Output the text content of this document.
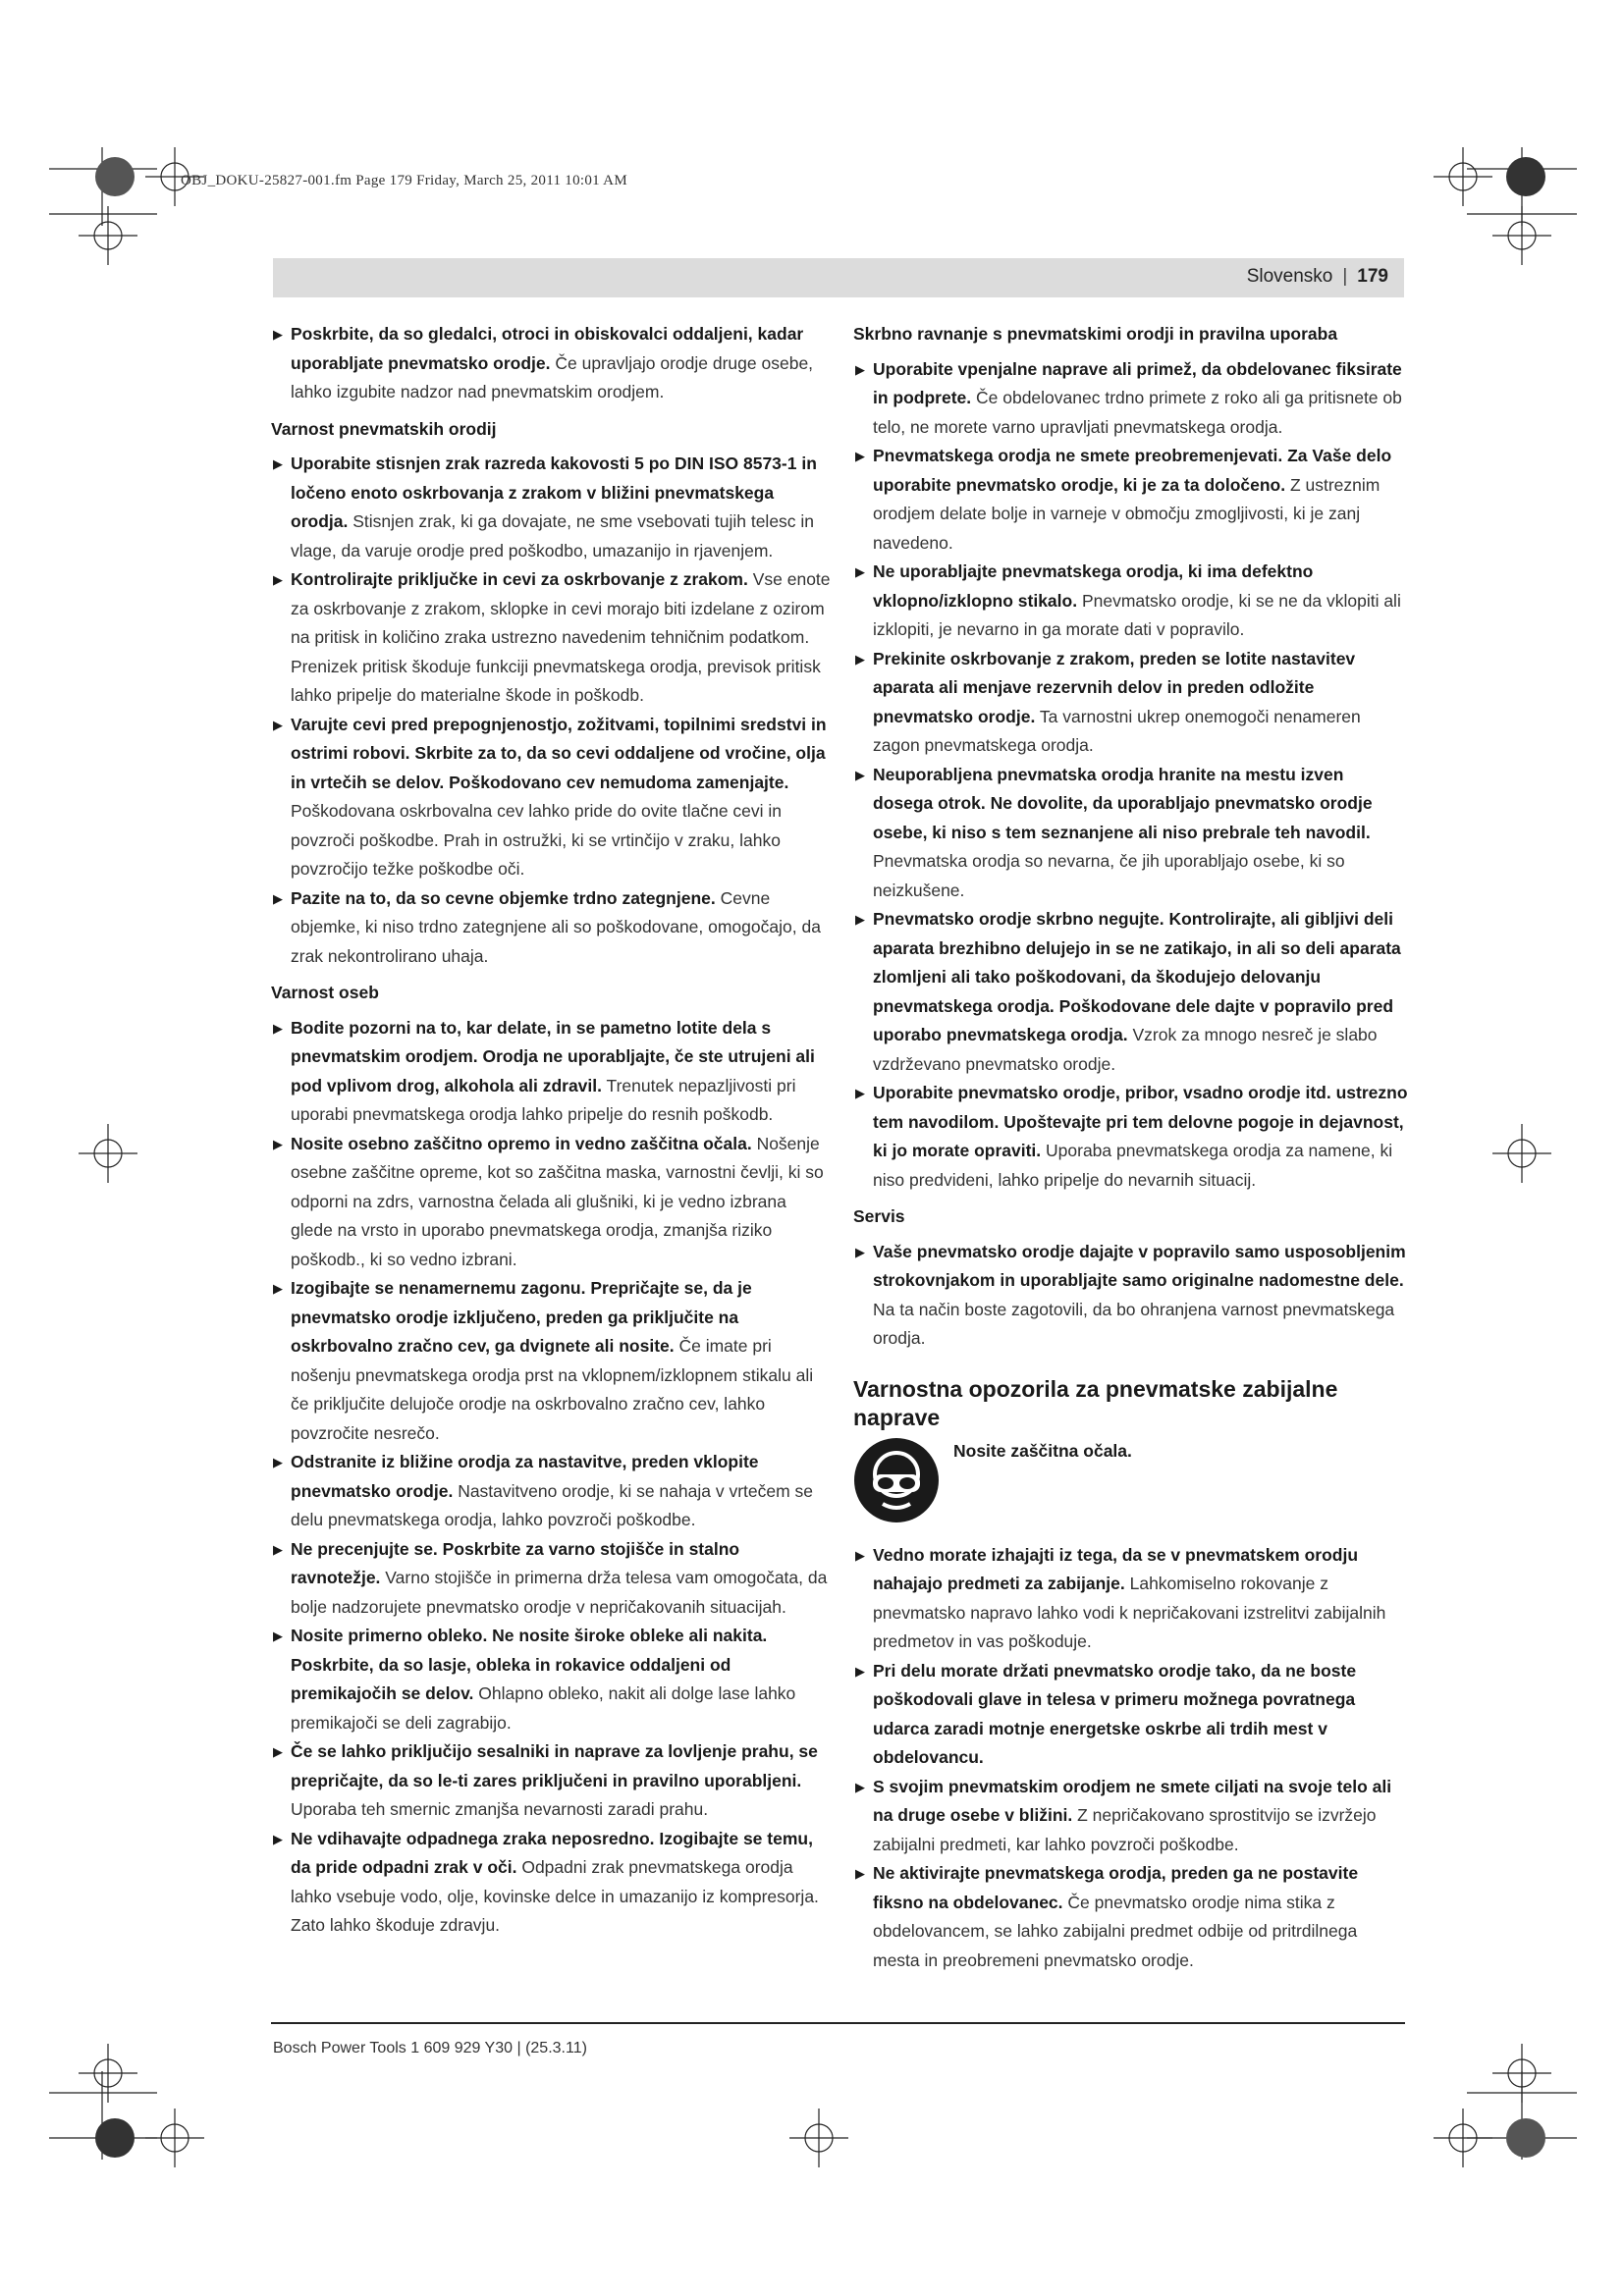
OBJ_DOKU-25827-001.fm Page 179 Friday, March 25, 2011 10:01 AM
Slovensko | 179

▶ Poskrbite, da so gledalci, otroci in obiskovalci oddaljeni, kadar uporabljate pnevmatsko orodje. Če upravljajo orodje druge osebe, lahko izgubite nadzor nad pnevmatskim orodjem.

Varnost pnevmatskih orodij

▶ Uporabite stisnjen zrak razreda kakovosti 5 po DIN ISO 8573-1 in ločeno enoto oskrbovanja z zrakom v bližini pnevmatskega orodja. Stisnjen zrak, ki ga dovajate, ne sme vsebovati tujih telesc in vlage, da varuje orodje pred poškodbo, umazanijo in rjavenjem.

▶ Kontrolirajte priključke in cevi za oskrbovanje z zrakom. Vse enote za oskrbovanje z zrakom, sklopke in cevi morajo biti izdelane z ozirom na pritisk in količino zraka ustrezno navedenim tehničnim podatkom. Prenizek pritisk škoduje funkciji pnevmatskega orodja, previsok pritisk lahko pripelje do materialne škode in poškodb.

▶ Varujte cevi pred prepognjenostjo, zožitvami, topilnimi sredstvi in ostrimi robovi. Skrbite za to, da so cevi oddaljene od vročine, olja in vrtečih se delov. Poškodovano cev nemudoma zamenjajte. Poškodovana oskrbovalna cev lahko pride do ovite tlačne cevi in povzroči poškodbe. Prah in ostružki, ki se vrtinčijo v zraku, lahko povzročijo težke poškodbe oči.

▶ Pazite na to, da so cevne objemke trdno zategnjene. Cevne objemke, ki niso trdno zategnjene ali so poškodovane, omogočajo, da zrak nekontrolirano uhaja.

Varnost oseb

▶ Bodite pozorni na to, kar delate, in se pametno lotite dela s pnevmatskim orodjem. Orodja ne uporabljajte, če ste utrujeni ali pod vplivom drog, alkohola ali zdravil. Trenutek nepazljivosti pri uporabi pnevmatskega orodja lahko pripelje do resnih poškodb.

▶ Nosite osebno zaščitno opremo in vedno zaščitna očala. Nošenje osebne zaščitne opreme, kot so zaščitna maska, varnostni čevlji, ki so odporni na zdrs, varnostna čelada ali glušniki, ki je vedno izbrana glede na vrsto in uporabo pnevmatskega orodja, zmanjša riziko poškodb., ki so vedno izbrani.

▶ Izogibajte se nenamernemu zagonu. Prepričajte se, da je pnevmatsko orodje izključeno, preden ga priključite na oskrbovalno zračno cev, ga dvignete ali nosite. Če imate pri nošenju pnevmatskega orodja prst na vklopnem/izklopnem stikalu ali če priključite delujoče orodje na oskrbovalno zračno cev, lahko povzročite nesrečo.

▶ Odstranite iz bližine orodja za nastavitve, preden vklopite pnevmatsko orodje. Nastavitveno orodje, ki se nahaja v vrtečem se delu pnevmatskega orodja, lahko povzroči poškodbe.

▶ Ne precenjujte se. Poskrbite za varno stojišče in stalno ravnotežje. Varno stojišče in primerna drža telesa vam omogočata, da bolje nadzorujete pnevmatsko orodje v nepričakovanih situacijah.

▶ Nosite primerno obleko. Ne nosite široke obleke ali nakita. Poskrbite, da so lasje, obleka in rokavice oddaljeni od premikajočih se delov. Ohlapno obleko, nakit ali dolge lase lahko premikajoči se deli zagrabijo.

▶ Če se lahko priključijo sesalniki in naprave za lovljenje prahu, se prepričajte, da so le-ti zares priključeni in pravilno uporabljeni. Uporaba teh smernic zmanjša nevarnosti zaradi prahu.

▶ Ne vdihavajte odpadnega zraka neposredno. Izogibajte se temu, da pride odpadni zrak v oči. Odpadni zrak pnevmatskega orodja lahko vsebuje vodo, olje, kovinske delce in umazanijo iz kompresorja. Zato lahko škoduje zdravju.

Skrbno ravnanje s pnevmatskimi orodji in pravilna uporaba

▶ Uporabite vpenjalne naprave ali primež, da obdelovanec fiksirate in podprete. Če obdelovanec trdno primete z roko ali ga pritisnete ob telo, ne morete varno upravljati pnevmatskega orodja.

▶ Pnevmatskega orodja ne smete preobremenjevati. Za Vaše delo uporabite pnevmatsko orodje, ki je za ta določeno. Z ustreznim orodjem delate bolje in varneje v območju zmogljivosti, ki je zanj navedeno.

▶ Ne uporabljajte pnevmatskega orodja, ki ima defektno vklopno/izklopno stikalo. Pnevmatsko orodje, ki se ne da vklopiti ali izklopiti, je nevarno in ga morate dati v popravilo.

▶ Prekinite oskrbovanje z zrakom, preden se lotite nastavitev aparata ali menjave rezervnih delov in preden odložite pnevmatsko orodje. Ta varnostni ukrep onemogoči nenameren zagon pnevmatskega orodja.

▶ Neuporabljena pnevmatska orodja hranite na mestu izven dosega otrok. Ne dovolite, da uporabljajo pnevmatsko orodje osebe, ki niso s tem seznanjene ali niso prebrale teh navodil. Pnevmatska orodja so nevarna, če jih uporabljajo osebe, ki so neizkušene.

▶ Pnevmatsko orodje skrbno negujte. Kontrolirajte, ali gibljivi deli aparata brezhibno delujejo in se ne zatikajo, in ali so deli aparata zlomljeni ali tako poškodovani, da škodujejo delovanju pnevmatskega orodja. Poškodovane dele dajte v popravilo pred uporabo pnevmatskega orodja. Vzrok za mnogo nesreč je slabo vzdrževano pnevmatsko orodje.

▶ Uporabite pnevmatsko orodje, pribor, vsadno orodje itd. ustrezno tem navodilom. Upoštevajte pri tem delovne pogoje in dejavnost, ki jo morate opraviti. Uporaba pnevmatskega orodja za namene, ki niso predvideni, lahko pripelje do nevarnih situacij.

Servis

▶ Vaše pnevmatsko orodje dajajte v popravilo samo usposobljenim strokovnjakom in uporabljajte samo originalne nadomestne dele. Na ta način boste zagotovili, da bo ohranjena varnost pnevmatskega orodja.

Varnostna opozorila za pnevmatske zabijalne naprave
Nosite zaščitna očala.

▶ Vedno morate izhajajti iz tega, da se v pnevmatskem orodju nahajajo predmeti za zabijanje. Lahkomiselno rokovanje z pnevmatsko napravo lahko vodi k nepričakovani izstrelitvi zabijalnih predmetov in vas poškoduje.

▶ Pri delu morate držati pnevmatsko orodje tako, da ne boste poškodovali glave in telesa v primeru možnega povratnega udarca zaradi motnje energetske oskrbe ali trdih mest v obdelovancu.

▶ S svojim pnevmatskim orodjem ne smete ciljati na svoje telo ali na druge osebe v bližini. Z nepričakovano sprostitvijo se izvržejo zabijalni predmeti, kar lahko povzroči poškodbe.

▶ Ne aktivirajte pnevmatskega orodja, preden ga ne postavite fiksno na obdelovanec. Če pnevmatsko orodje nima stika z obdelovancem, se lahko zabijalni predmet odbije od pritrdilnega mesta in preobremeni pnevmatsko orodje.

Bosch Power Tools 1 609 929 Y30 | (25.3.11)
